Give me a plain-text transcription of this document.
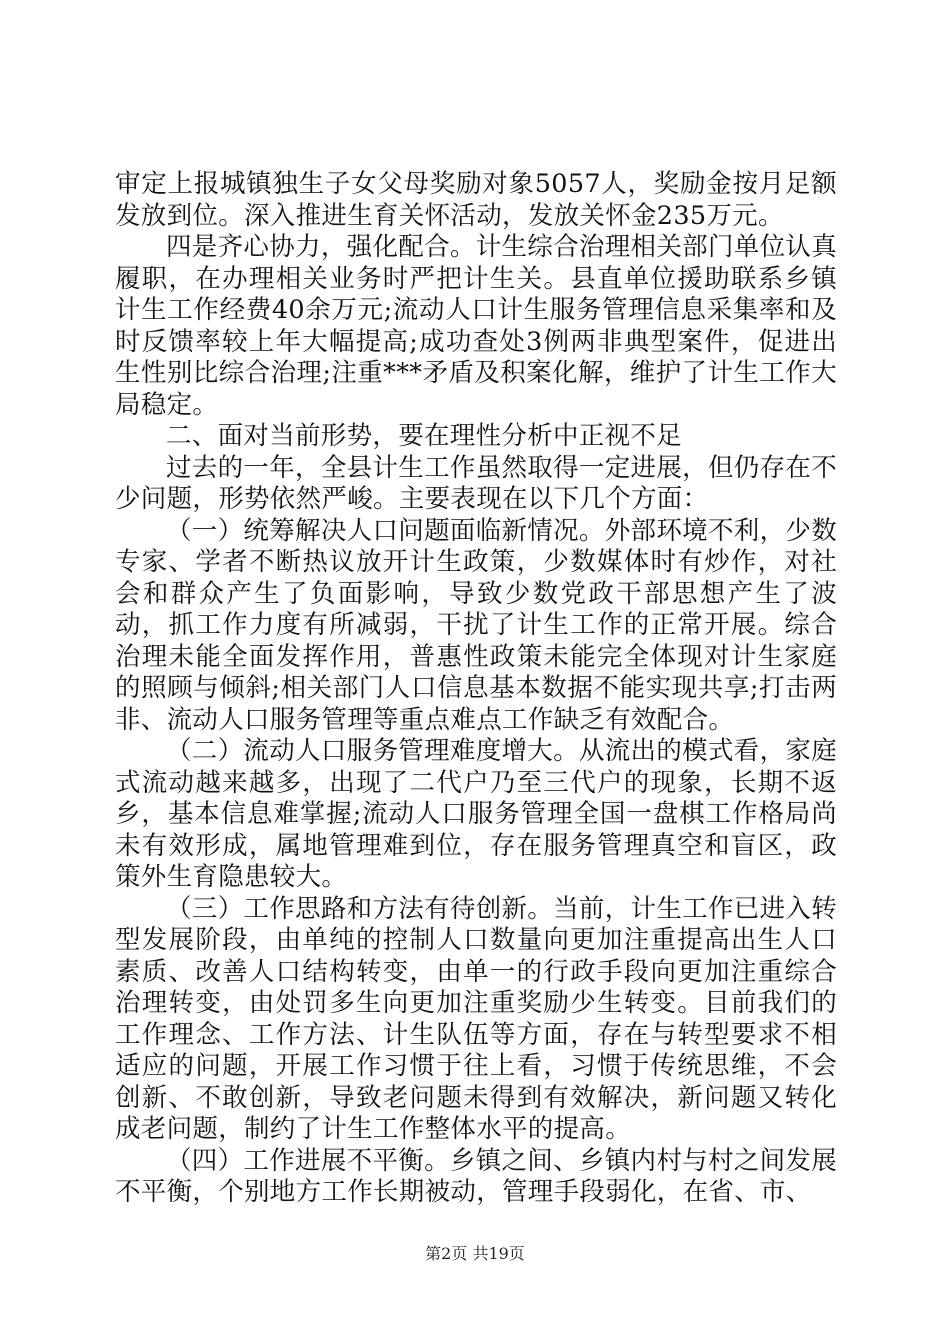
审定上报城镇独生子女父母奖励对象5057人，奖励金按月足额发放到位。深入推进生育关怀活动，发放关怀金235万元。

四是齐心协力，强化配合。计生综合治理相关部门单位认真履职，在办理相关业务时严把计生关。县直单位援助联系乡镇计生工作经费40余万元;流动人口计生服务管理信息采集率和及时反馈率较上年大幅提高;成功查处3例两非典型案件，促进出生性别比综合治理;注重***矛盾及积案化解，维护了计生工作大局稳定。

二、面对当前形势，要在理性分析中正视不足

过去的一年，全县计生工作虽然取得一定进展，但仍存在不少问题，形势依然严峻。主要表现在以下几个方面：

（一）统筹解决人口问题面临新情况。外部环境不利，少数专家、学者不断热议放开计生政策，少数媒体时有炒作，对社会和群众产生了负面影响，导致少数党政干部思想产生了波动，抓工作力度有所减弱，干扰了计生工作的正常开展。综合治理未能全面发挥作用，普惠性政策未能完全体现对计生家庭的照顾与倾斜;相关部门人口信息基本数据不能实现共享;打击两非、流动人口服务管理等重点难点工作缺乏有效配合。

（二）流动人口服务管理难度增大。从流出的模式看，家庭式流动越来越多，出现了二代户乃至三代户的现象，长期不返乡，基本信息难掌握;流动人口服务管理全国一盘棋工作格局尚未有效形成，属地管理难到位，存在服务管理真空和盲区，政策外生育隐患较大。

（三）工作思路和方法有待创新。当前，计生工作已进入转型发展阶段，由单纯的控制人口数量向更加注重提高出生人口素质、改善人口结构转变，由单一的行政手段向更加注重综合治理转变，由处罚多生向更加注重奖励少生转变。目前我们的工作理念、工作方法、计生队伍等方面，存在与转型要求不相适应的问题，开展工作习惯于往上看，习惯于传统思维，不会创新、不敢创新，导致老问题未得到有效解决，新问题又转化成老问题，制约了计生工作整体水平的提高。

（四）工作进展不平衡。乡镇之间、乡镇内村与村之间发展不平衡，个别地方工作长期被动，管理手段弱化，在省、市、

第2页 共19页
